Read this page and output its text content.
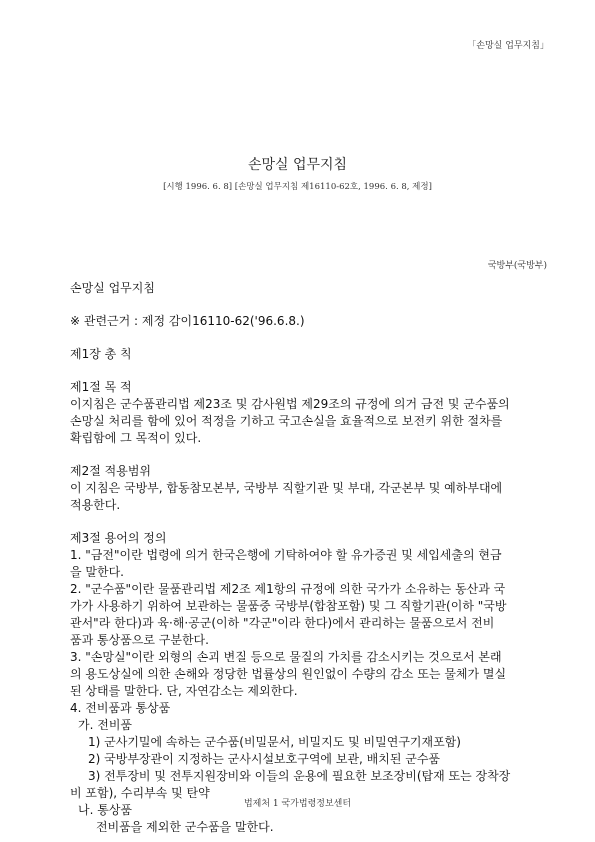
「손망실 업무지침」
손망실 업무지침
[시행 1996. 6. 8] [손망실 업무지침 제16110-62호, 1996. 6. 8, 제정]
국방부(국방부)

손망실 업무지침

※ 관련근거 : 제정 감이16110-62('96.6.8.)

제1장 총 칙

제1절 목 적

이지침은 군수품관리법 제23조 및 감사원법 제29조의 규정에 의거 금전 및 군수품의

손망실 처리를 함에 있어 적정을 기하고 국고손실을 효율적으로 보전키 위한 절차를

확립함에 그 목적이 있다.

제2절 적용범위

이 지침은 국방부, 합동참모본부, 국방부 직할기관 및 부대, 각군본부 및 예하부대에

적용한다.

제3절 용어의 정의

1. "금전"이란 법령에 의거 한국은행에 기탁하여야 할 유가증권 및 세입세출의 현금

을 말한다.

2. "군수품"이란 물품관리법 제2조 제1항의 규정에 의한 국가가 소유하는 동산과 국

가가 사용하기 위하여 보관하는 물품중 국방부(합참포함) 및 그 직할기관(이하 "국방

관서"라 한다)과 육·해·공군(이하 "각군"이라 한다)에서 관리하는 물품으로서 전비

품과 통상품으로 구분한다.

3. "손망실"이란 외형의 손괴 변질 등으로 물질의 가치를 감소시키는 것으로서 본래

의 용도상실에 의한 손해와 정당한 법률상의 원인없이 수량의 감소 또는 물체가 멸실

된 상태를 말한다. 단, 자연감소는 제외한다.

4. 전비품과 통상품

가. 전비품

1) 군사기밀에 속하는 군수품(비밀문서, 비밀지도 및 비밀연구기재포함)

2) 국방부장관이 지정하는 군사시설보호구역에 보관, 배치된 군수품

3) 전투장비 및 전투지원장비와 이들의 운용에 필요한 보조장비(탑재 또는 장착장

비 포함), 수리부속 및 탄약

나. 통상품

전비품을 제외한 군수품을 말한다.

법제처 1 국가법령정보센터
